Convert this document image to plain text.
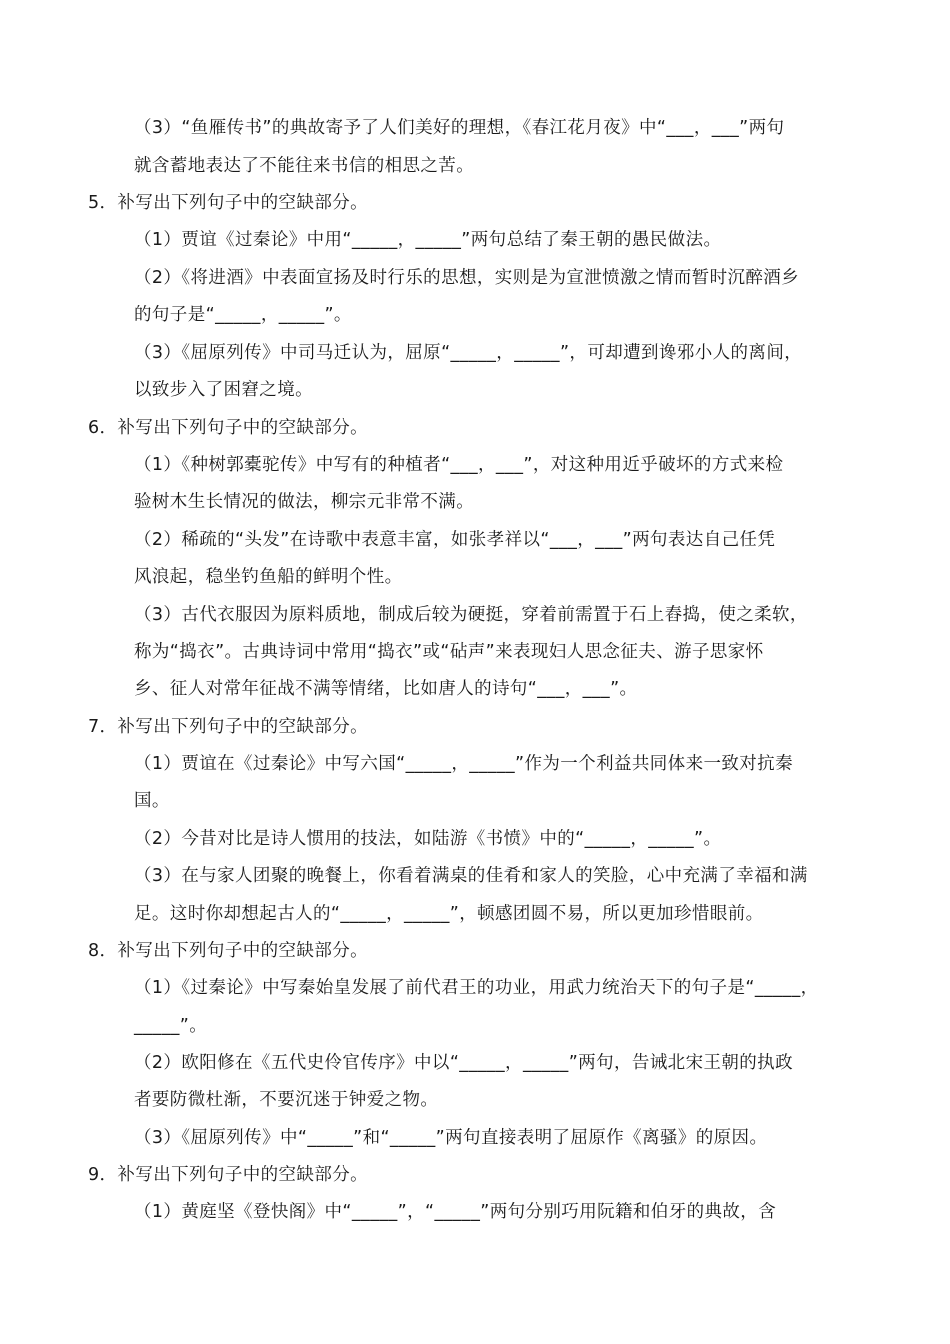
（3）“鱼雁传书”的典故寄予了人们美好的理想，《春江花月夜》中“___，___”两句
就含蓄地表达了不能往来书信的相思之苦。
5．补写出下列句子中的空缺部分。
（1）贾谊《过秦论》中用“_____，_____”两句总结了秦王朝的愚民做法。
（2）《将进酒》中表面宣扬及时行乐的思想，实则是为宣泄愤激之情而暂时沉醉酒乡
的句子是“_____，_____”。
（3）《屈原列传》中司马迁认为，屈原“_____，_____”，可却遭到谗邪小人的离间，
以致步入了困窘之境。
6．补写出下列句子中的空缺部分。
（1）《种树郭橐驼传》中写有的种植者“___，___”，对这种用近乎破坏的方式来检
验树木生长情况的做法，柳宗元非常不满。
（2）稀疏的“头发”在诗歌中表意丰富，如张孝祥以“___，___”两句表达自己任凭
风浪起，稳坐钓鱼船的鲜明个性。
（3）古代衣服因为原料质地，制成后较为硬挺，穿着前需置于石上舂捣，使之柔软，
称为“捣衣”。古典诗词中常用“捣衣”或“砧声”来表现妇人思念征夫、游子思家怀
乡、征人对常年征战不满等情绪，比如唐人的诗句“___，___”。
7．补写出下列句子中的空缺部分。
（1）贾谊在《过秦论》中写六国“_____，_____”作为一个利益共同体来一致对抗秦
国。
（2）今昔对比是诗人惯用的技法，如陆游《书愤》中的“_____，_____”。
（3）在与家人团聚的晚餐上，你看着满桌的佳肴和家人的笑脸，心中充满了幸福和满
足。这时你却想起古人的“_____，_____”，顿感团圆不易，所以更加珍惜眼前。
8．补写出下列句子中的空缺部分。
（1）《过秦论》中写秦始皇发展了前代君王的功业，用武力统治天下的句子是“_____，
_____”。
（2）欧阳修在《五代史伶官传序》中以“_____，_____”两句，告诫北宋王朝的执政
者要防微杜渐，不要沉迷于钟爱之物。
（3）《屈原列传》中“_____”和“_____”两句直接表明了屈原作《离骚》的原因。
9．补写出下列句子中的空缺部分。
（1）黄庭坚《登快阁》中“_____”，“_____”两句分别巧用阮籍和伯牙的典故，含
